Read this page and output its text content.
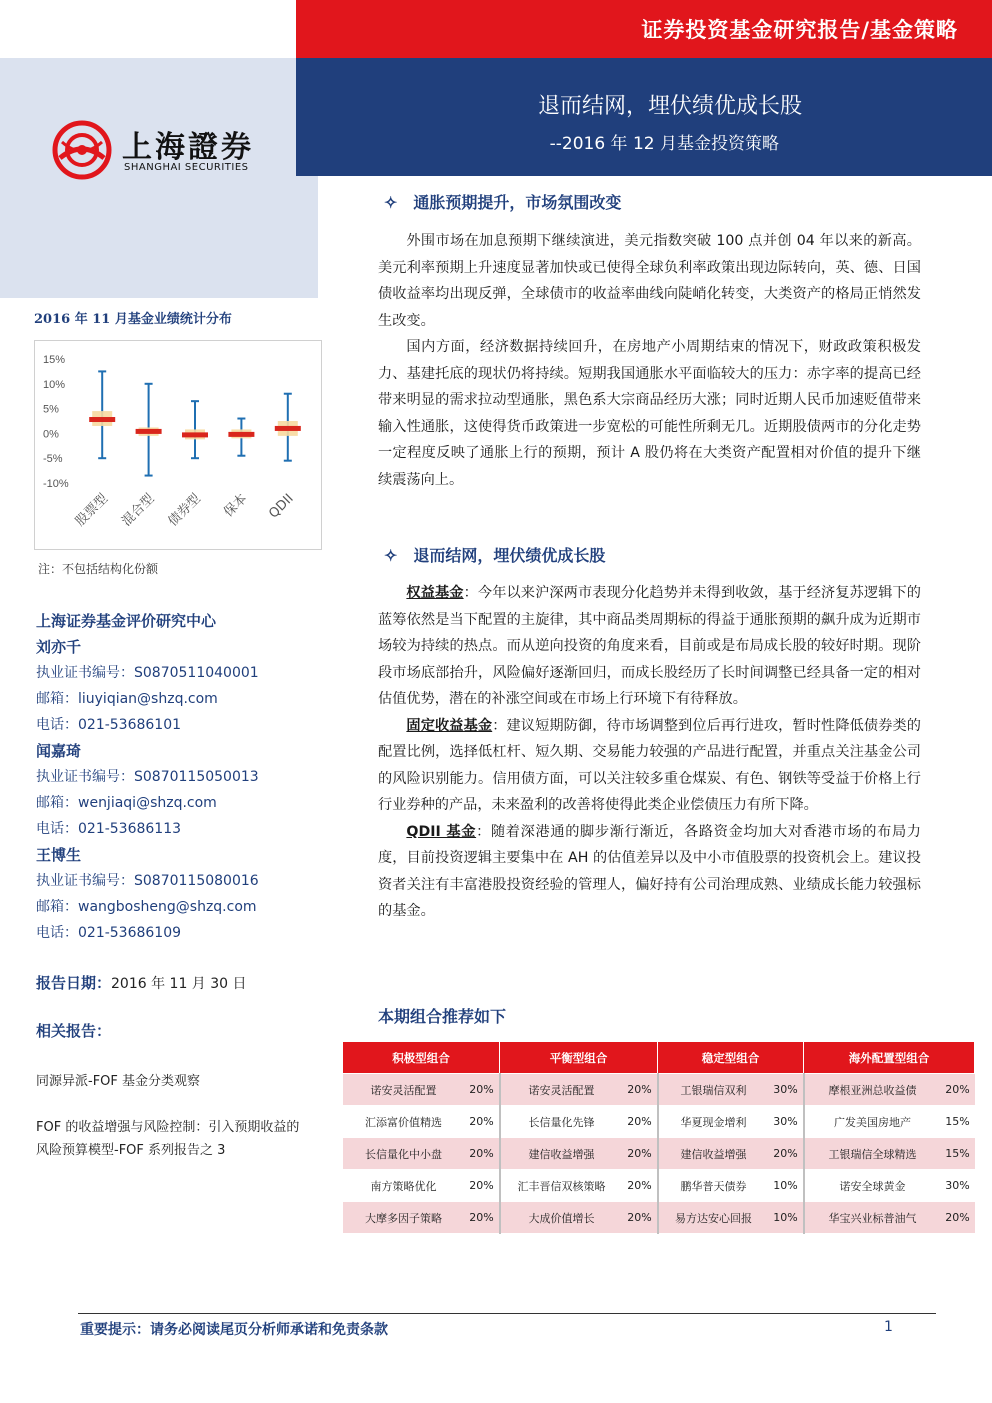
证券投资基金研究报告/基金策略
退而结网，埋伏绩优成长股
--2016 年 12 月基金投资策略
上海證券
SHANGHAI SECURITIES
✧ 通胀预期提升，市场氛围改变

外围市场在加息预期下继续演进，美元指数突破 100 点并创 04 年以来的新高。美元利率预期上升速度显著加快或已使得全球负利率政策出现边际转向，英、德、日国债收益率均出现反弹，全球债市的收益率曲线向陡峭化转变，大类资产的格局正悄然发生改变。

国内方面，经济数据持续回升，在房地产小周期结束的情况下，财政政策积极发力、基建托底的现状仍将持续。短期我国通胀水平面临较大的压力：赤字率的提高已经带来明显的需求拉动型通胀，黑色系大宗商品经历大涨；同时近期人民币加速贬值带来输入性通胀，这使得货币政策进一步宽松的可能性所剩无几。近期股债两市的分化走势一定程度反映了通胀上行的预期，预计 A 股仍将在大类资产配置相对价值的提升下继续震荡向上。

✧ 退而结网，埋伏绩优成长股

权益基金：今年以来沪深两市表现分化趋势并未得到收敛，基于经济复苏逻辑下的蓝筹依然是当下配置的主旋律，其中商品类周期标的得益于通胀预期的飙升成为近期市场较为持续的热点。而从逆向投资的角度来看，目前或是布局成长股的较好时期。现阶段市场底部抬升，风险偏好逐渐回归，而成长股经历了长时间调整已经具备一定的相对估值优势，潜在的补涨空间或在市场上行环境下有待释放。

固定收益基金：建议短期防御，待市场调整到位后再行进攻，暂时性降低债券类的配置比例，选择低杠杆、短久期、交易能力较强的产品进行配置，并重点关注基金公司的风险识别能力。信用债方面，可以关注较多重仓煤炭、有色、钢铁等受益于价格上行行业券种的产品，未来盈利的改善将使得此类企业偿债压力有所下降。

QDII 基金：随着深港通的脚步渐行渐近，各路资金均加大对香港市场的布局力度，目前投资逻辑主要集中在 AH 的估值差异以及中小市值股票的投资机会上。建议投资者关注有丰富港股投资经验的管理人，偏好持有公司治理成熟、业绩成长能力较强标的基金。

2016 年 11 月基金业绩统计分布
15%
10%
5%
0%
-5%
-10%
股票型 混合型 债券型 保本 QDII
注：不包括结构化份额
上海证券基金评价研究中心
刘亦千
执业证书编号：S0870511040001
邮箱：liuyiqian@shzq.com
电话：021-53686101
闻嘉琦
执业证书编号：S0870115050013
邮箱：wenjiaqi@shzq.com
电话：021-53686113
王博生
执业证书编号：S0870115080016
邮箱：wangbosheng@shzq.com
电话：021-53686109
报告日期：2016 年 11 月 30 日
相关报告：
同源异派-FOF 基金分类观察
FOF 的收益增强与风险控制：引入预期收益的风险预算模型-FOF 系列报告之 3
本期组合推荐如下
积极型组合		平衡型组合		稳定型组合		海外配置型组合	
诺安灵活配置	20%	诺安灵活配置	20%	工银瑞信双利	30%	摩根亚洲总收益债	20%
汇添富价值精选	20%	长信量化先锋	20%	华夏现金增利	30%	广发美国房地产	15%
长信量化中小盘	20%	建信收益增强	20%	建信收益增强	20%	工银瑞信全球精选	15%
南方策略优化	20%	汇丰晋信双核策略	20%	鹏华普天债券	10%	诺安全球黄金	30%
大摩多因子策略	20%	大成价值增长	20%	易方达安心回报	10%	华宝兴业标普油气	20%
重要提示：请务必阅读尾页分析师承诺和免责条款	1
